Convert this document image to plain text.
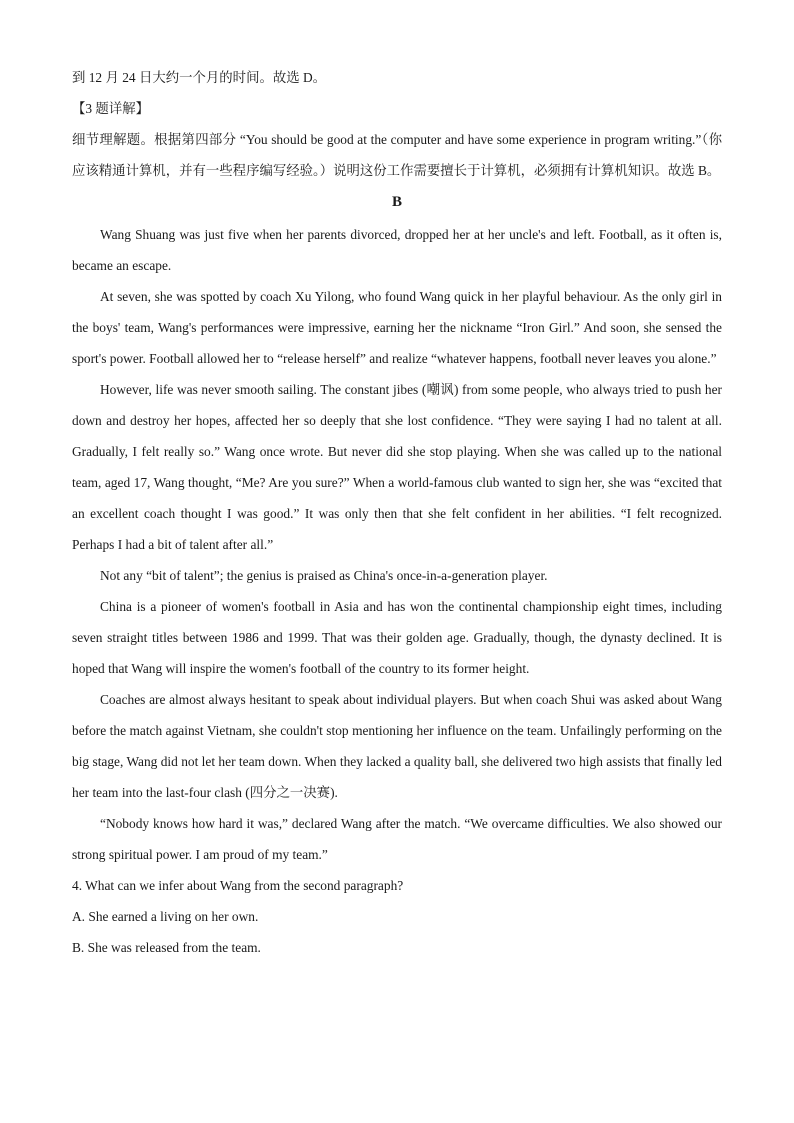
到 12 月 24 日大约一个月的时间。故选 D。

【3 题详解】

细节理解题。根据第四部分 “You should be good at the computer and have some experience in program writing.”（你应该精通计算机，并有一些程序编写经验。）说明这份工作需要擅长于计算机，必须拥有计算机知识。故选 B。

B

Wang Shuang was just five when her parents divorced, dropped her at her uncle's and left. Football, as it often is, became an escape.

At seven, she was spotted by coach Xu Yilong, who found Wang quick in her playful behaviour. As the only girl in the boys' team, Wang's performances were impressive, earning her the nickname “Iron Girl.” And soon, she sensed the sport's power. Football allowed her to “release herself” and realize “whatever happens, football never leaves you alone.”

However, life was never smooth sailing. The constant jibes (嘲讽) from some people, who always tried to push her down and destroy her hopes, affected her so deeply that she lost confidence. “They were saying I had no talent at all. Gradually, I felt really so.” Wang once wrote. But never did she stop playing. When she was called up to the national team, aged 17, Wang thought, “Me? Are you sure?” When a world-famous club wanted to sign her, she was “excited that an excellent coach thought I was good.” It was only then that she felt confident in her abilities. “I felt recognized. Perhaps I had a bit of talent after all.”

Not any “bit of talent”; the genius is praised as China's once-in-a-generation player.

China is a pioneer of women's football in Asia and has won the continental championship eight times, including seven straight titles between 1986 and 1999. That was their golden age. Gradually, though, the dynasty declined. It is hoped that Wang will inspire the women's football of the country to its former height.

Coaches are almost always hesitant to speak about individual players. But when coach Shui was asked about Wang before the match against Vietnam, she couldn't stop mentioning her influence on the team. Unfailingly performing on the big stage, Wang did not let her team down. When they lacked a quality ball, she delivered two high assists that finally led her team into the last-four clash (四分之一决赛).

“Nobody knows how hard it was,” declared Wang after the match. “We overcame difficulties. We also showed our strong spiritual power. I am proud of my team.”

4. What can we infer about Wang from the second paragraph?

A. She earned a living on her own.

B. She was released from the team.
